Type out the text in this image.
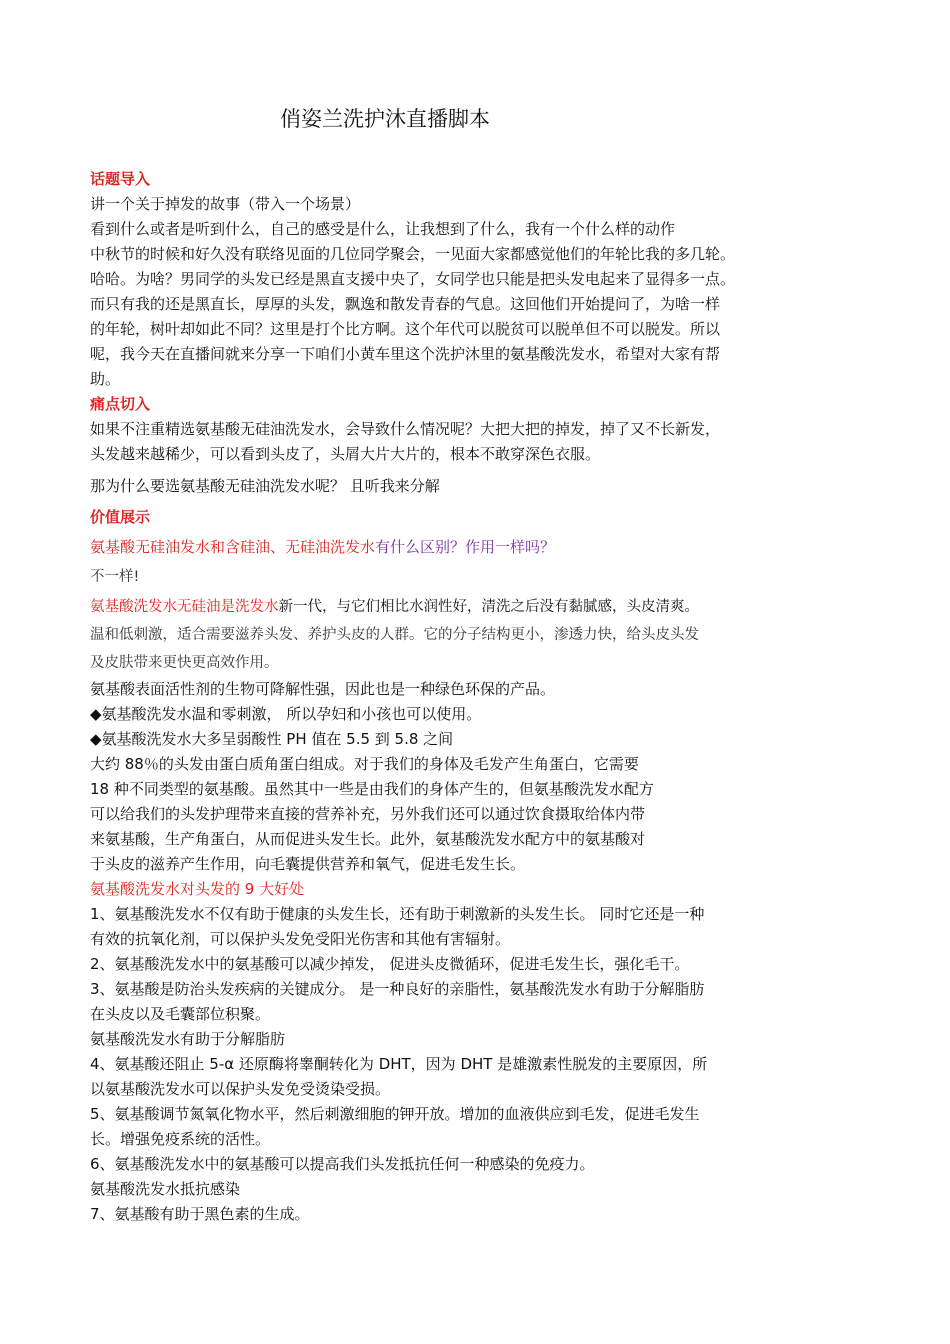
俏姿兰洗护沐直播脚本
话题导入
讲一个关于掉发的故事（带入一个场景）
看到什么或者是听到什么，自己的感受是什么，让我想到了什么，我有一个什么样的动作
中秋节的时候和好久没有联络见面的几位同学聚会，一见面大家都感觉他们的年轮比我的多几轮。
哈哈。为啥？男同学的头发已经是黑直支援中央了，女同学也只能是把头发电起来了显得多一点。
而只有我的还是黑直长，厚厚的头发，飘逸和散发青春的气息。这回他们开始提问了，为啥一样
的年轮，树叶却如此不同？这里是打个比方啊。这个年代可以脱贫可以脱单但不可以脱发。所以
呢，我今天在直播间就来分享一下咱们小黄车里这个洗护沐里的氨基酸洗发水，希望对大家有帮
助。
痛点切入
如果不注重精选氨基酸无硅油洗发水，会导致什么情况呢？大把大把的掉发，掉了又不长新发，
头发越来越稀少，可以看到头皮了，头屑大片大片的，根本不敢穿深色衣服。
那为什么要选氨基酸无硅油洗发水呢？ 且听我来分解
价值展示
氨基酸无硅油发水和含硅油、无硅油洗发水有什么区别？作用一样吗？
不一样!
氨基酸洗发水无硅油是洗发水新一代，与它们相比水润性好，清洗之后没有黏腻感，头皮清爽。
温和低刺激，适合需要滋养头发、养护头皮的人群。它的分子结构更小，渗透力快，给头皮头发
及皮肤带来更快更高效作用。
氨基酸表面活性剂的生物可降解性强，因此也是一种绿色环保的产品。
◆氨基酸洗发水温和零刺激， 所以孕妇和小孩也可以使用。
◆氨基酸洗发水大多呈弱酸性 PH 值在 5.5 到 5.8 之间
大约 88％的头发由蛋白质角蛋白组成。对于我们的身体及毛发产生角蛋白，它需要
18 种不同类型的氨基酸。虽然其中一些是由我们的身体产生的，但氨基酸洗发水配方
可以给我们的头发护理带来直接的营养补充，另外我们还可以通过饮食摄取给体内带
来氨基酸，生产角蛋白，从而促进头发生长。此外，氨基酸洗发水配方中的氨基酸对
于头皮的滋养产生作用，向毛囊提供营养和氧气，促进毛发生长。
氨基酸洗发水对头发的 9 大好处
1、氨基酸洗发水不仅有助于健康的头发生长，还有助于刺激新的头发生长。 同时它还是一种
有效的抗氧化剂，可以保护头发免受阳光伤害和其他有害辐射。
2、氨基酸洗发水中的氨基酸可以减少掉发， 促进头皮微循环，促进毛发生长，强化毛干。
3、氨基酸是防治头发疾病的关键成分。 是一种良好的亲脂性，氨基酸洗发水有助于分解脂肪
在头皮以及毛囊部位积聚。
氨基酸洗发水有助于分解脂肪
4、氨基酸还阻止 5-α 还原酶将睾酮转化为 DHT，因为 DHT 是雄激素性脱发的主要原因，所
以氨基酸洗发水可以保护头发免受烫染受损。
5、氨基酸调节氮氧化物水平，然后刺激细胞的钾开放。增加的血液供应到毛发，促进毛发生
长。增强免疫系统的活性。
6、氨基酸洗发水中的氨基酸可以提高我们头发抵抗任何一种感染的免疫力。
氨基酸洗发水抵抗感染
7、氨基酸有助于黑色素的生成。
